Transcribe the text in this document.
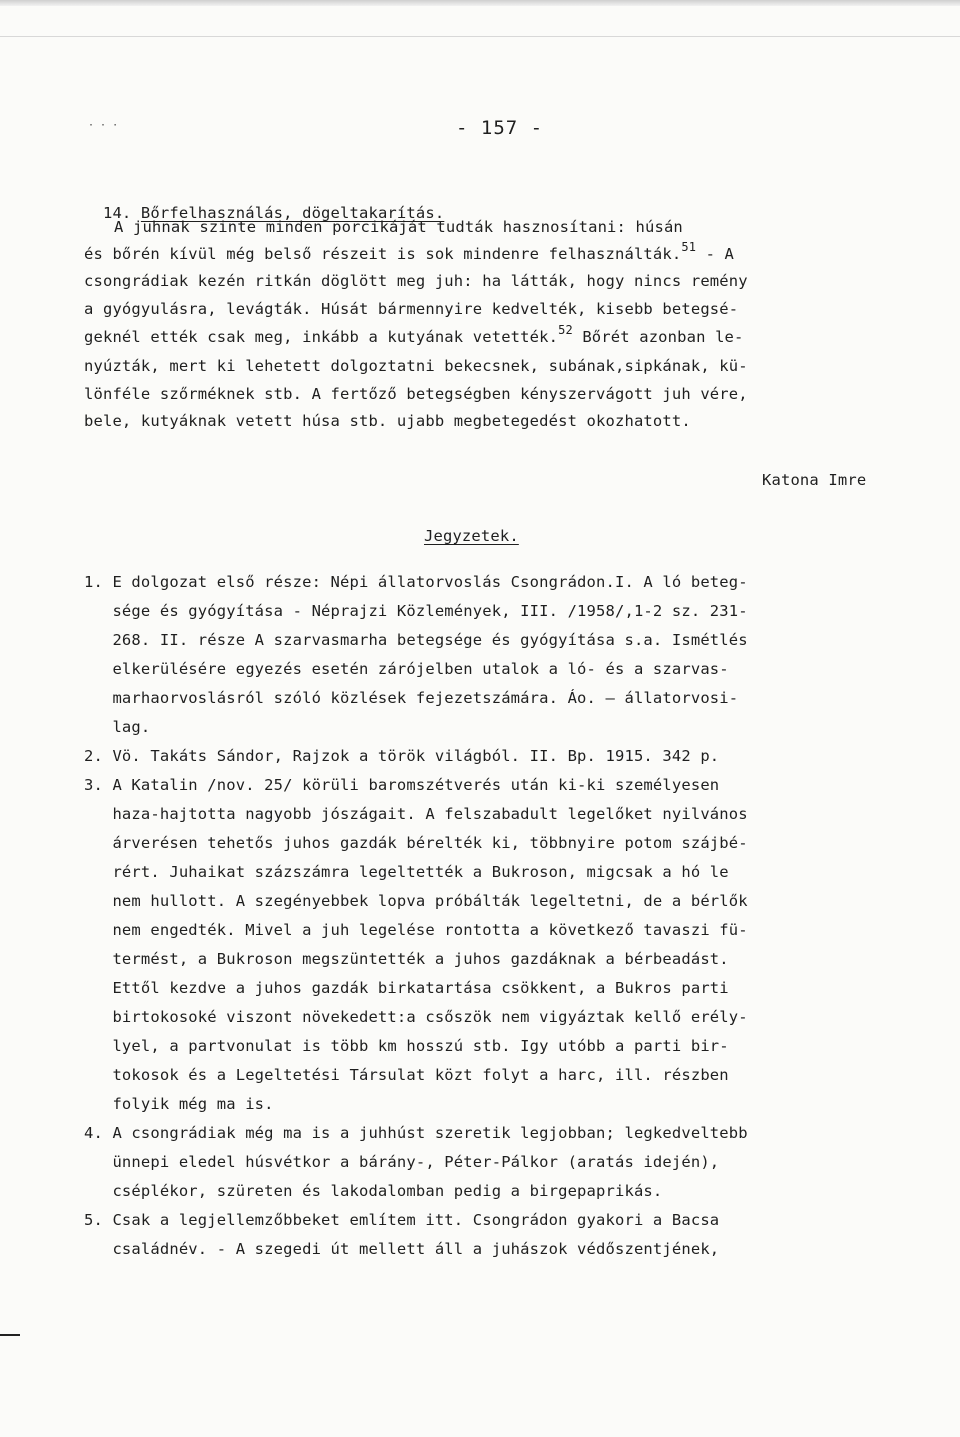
· · ·	- 157 -

14. Bőrfelhasználás, dögeltakarítás.

A juhnak szinte minden porcikáját tudták hasznosítani: húsán
és bőrén kívül még belső részeit is sok mindenre felhasználták.$^{51}$ - A
csongrádiak kezén ritkán döglött meg juh: ha látták, hogy nincs remény
a gyógyulásra, levágták. Húsát bármennyire kedvelték, kisebb betegsé-
geknél ették csak meg, inkább a kutyának vetették.$^{52}$ Bőrét azonban le-
nyúzták, mert ki lehetett dolgoztatni bekecsnek, subának,sipkának, kü-
lönféle szőrméknek stb. A fertőző betegségben kényszervágott juh vére,
bele, kutyáknak vetett húsa stb. ujabb megbetegedést okozhatott.
Katona Imre
Jegyzetek.
1. E dolgozat első része: Népi állatorvoslás Csongrádon.I. A ló beteg-
sége és gyógyítása - Néprajzi Közlemények, III. /1958/,1-2 sz. 231-
268. II. része A szarvasmarha betegsége és gyógyítása s.a. Ismétlés
elkerülésére egyezés esetén zárójelben utalok a ló- és a szarvas-
marhaorvoslásról szóló közlések fejezetszámára. Áo. — állatorvosi-
lag.
2. Vö. Takáts Sándor, Rajzok a török világból. II. Bp. 1915. 342 p.
3. A Katalin /nov. 25/ körüli baromszétverés után ki-ki személyesen
haza-hajtotta nagyobb jószágait. A felszabadult legelőket nyilvános
árverésen tehetős juhos gazdák bérelték ki, többnyire potom szájbé-
rért. Juhaikat százszámra legeltették a Bukroson, migcsak a hó le
nem hullott. A szegényebbek lopva próbálták legeltetni, de a bérlők
nem engedték. Mivel a juh legelése rontotta a következő tavaszi fü-
termést, a Bukroson megszüntették a juhos gazdáknak a bérbeadást.
Ettől kezdve a juhos gazdák birkatartása csökkent, a Bukros parti
birtokosoké viszont növekedett:a csőszök nem vigyáztak kellő erély-
lyel, a partvonulat is több km hosszú stb. Igy utóbb a parti bir-
tokosok és a Legeltetési Társulat közt folyt a harc, ill. részben
folyik még ma is.
4. A csongrádiak még ma is a juhhúst szeretik legjobban; legkedveltebb
ünnepi eledel húsvétkor a bárány-, Péter-Pálkor (aratás idején),
cséplékor, szüreten és lakodalomban pedig a birgepaprikás.
5. Csak a legjellemzőbbeket említem itt. Csongrádon gyakori a Bacsa
családnév. - A szegedi út mellett áll a juhászok védőszentjének,
